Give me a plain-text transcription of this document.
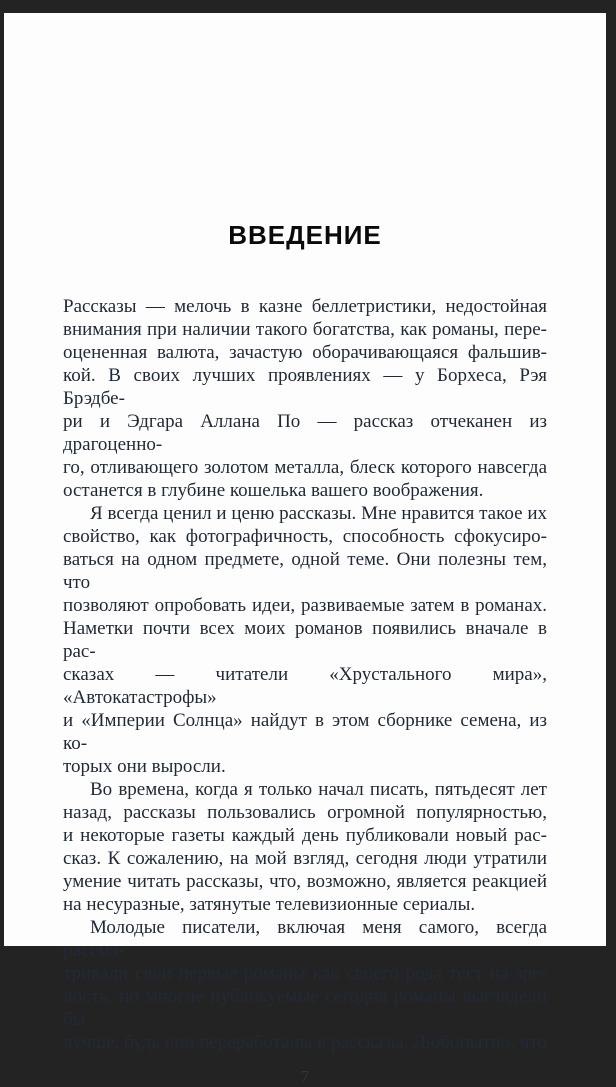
ВВЕДЕНИЕ
Рассказы — мелочь в казне беллетристики, недостойная
внимания при наличии такого богатства, как романы, пере-
оцененная валюта, зачастую оборачивающаяся фальшив-
кой. В своих лучших проявлениях — у Борхеса, Рэя Брэдбе-
ри и Эдгара Аллана По — рассказ отчеканен из драгоценно-
го, отливающего золотом металла, блеск которого навсегда
останется в глубине кошелька вашего воображения.
Я всегда ценил и ценю рассказы. Мне нравится такое их
свойство, как фотографичность, способность сфокусиро-
ваться на одном предмете, одной теме. Они полезны тем, что
позволяют опробовать идеи, развиваемые затем в романах.
Наметки почти всех моих романов появились вначале в рас-
сказах — читатели «Хрустального мира», «Автокатастрофы»
и «Империи Солнца» найдут в этом сборнике семена, из ко-
торых они выросли.
Во времена, когда я только начал писать, пятьдесят лет
назад, рассказы пользовались огромной популярностью,
и некоторые газеты каждый день публиковали новый рас-
сказ. К сожалению, на мой взгляд, сегодня люди утратили
умение читать рассказы, что, возможно, является реакцией
на несуразные, затянутые телевизионные сериалы.
Молодые писатели, включая меня самого, всегда рассма-
тривали свои первые романы как своего рода тест на зре-
лость, но многие публикуемые сегодня романы выглядели бы
лучше, будь они переработаны в рассказы. Любопытно, что
7
